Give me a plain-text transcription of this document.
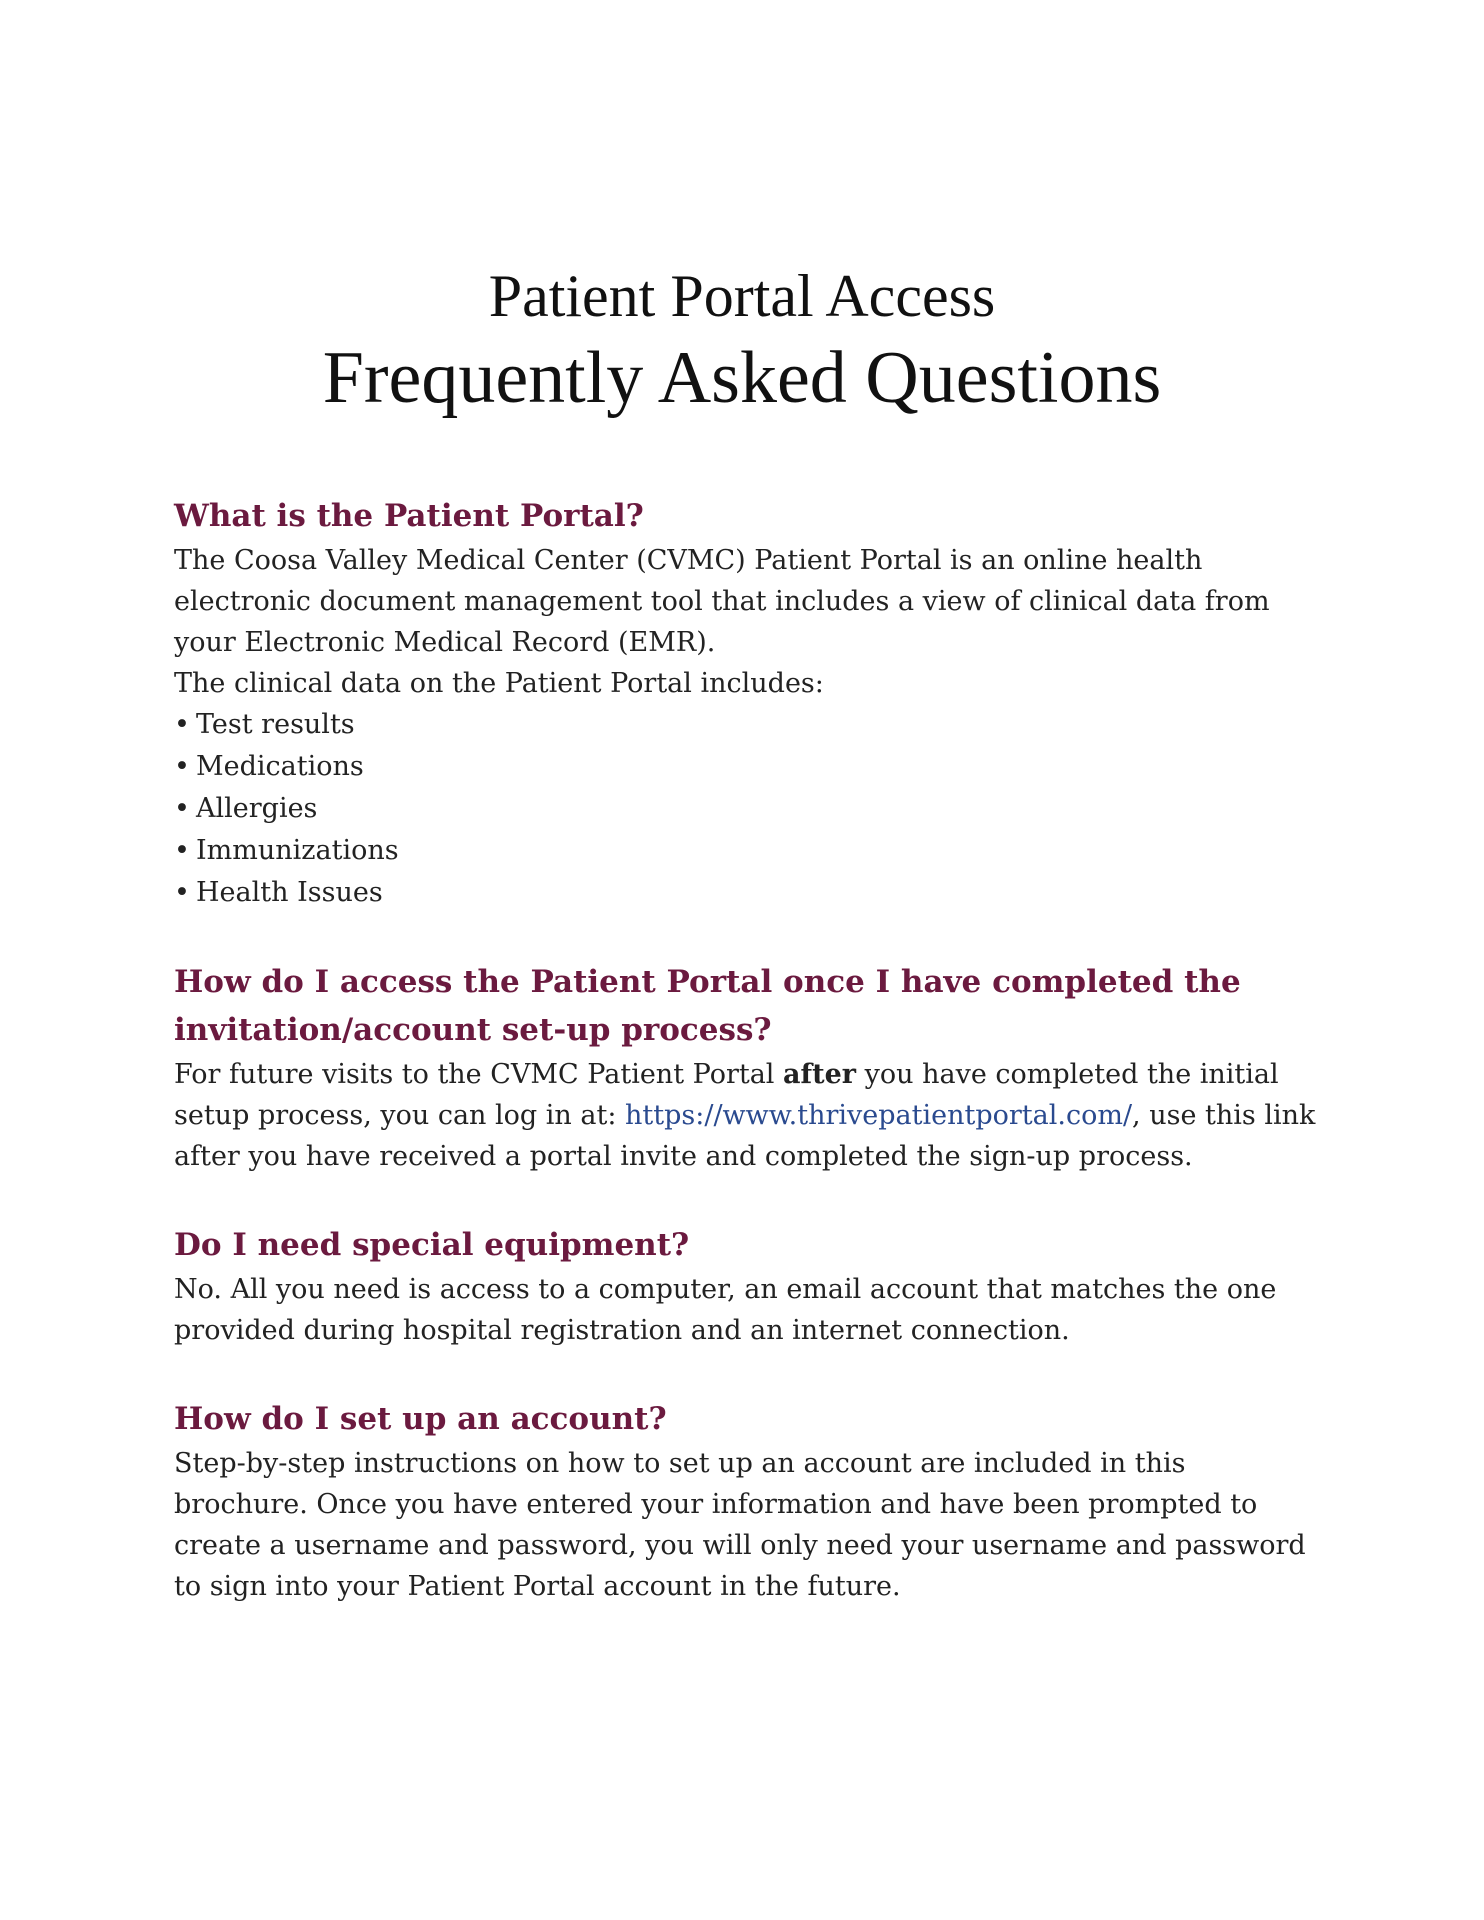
Patient Portal Access
Frequently Asked Questions
What is the Patient Portal?

The Coosa Valley Medical Center (CVMC) Patient Portal is an online health electronic document management tool that includes a view of clinical data from your Electronic Medical Record (EMR).

The clinical data on the Patient Portal includes:

• Test results
• Medications
• Allergies
• Immunizations
• Health Issues
How do I access the Patient Portal once I have completed the invitation/account set-up process?

For future visits to the CVMC Patient Portal after you have completed the initial setup process, you can log in at: https://www.thrivepatientportal.com/, use this link after you have received a portal invite and completed the sign-up process.

Do I need special equipment?

No. All you need is access to a computer, an email account that matches the one provided during hospital registration and an internet connection.

How do I set up an account?

Step-by-step instructions on how to set up an account are included in this brochure. Once you have entered your information and have been prompted to create a username and password, you will only need your username and password to sign into your Patient Portal account in the future.
